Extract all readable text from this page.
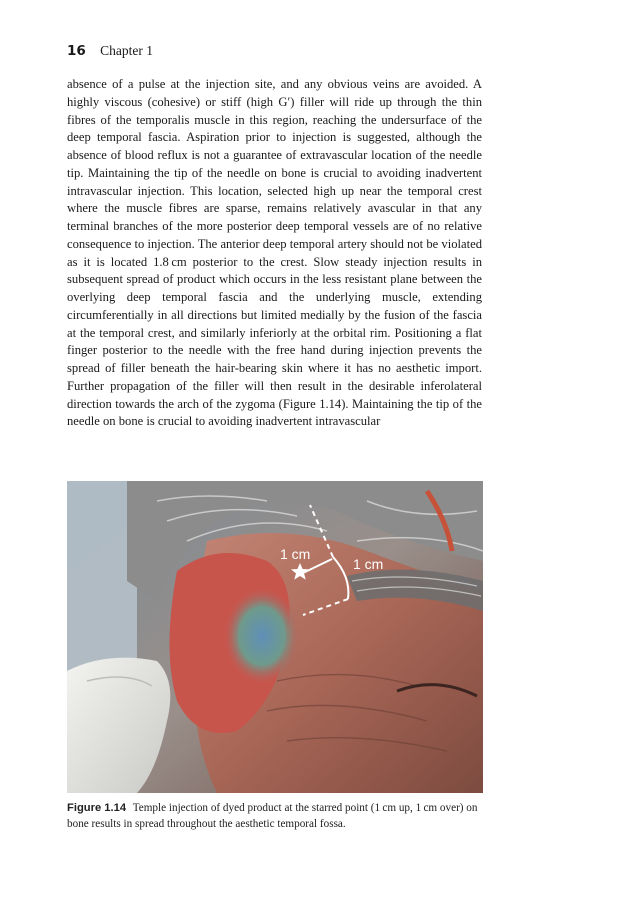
16 Chapter 1

absence of a pulse at the injection site, and any obvious veins are avoided. A highly viscous (cohesive) or stiff (high G′) filler will ride up through the thin fibres of the temporalis muscle in this region, reaching the undersurface of the deep temporal fascia. Aspiration prior to injection is suggested, although the absence of blood reflux is not a guarantee of extravascular location of the needle tip. Maintaining the tip of the needle on bone is crucial to avoiding inadvertent intravascular injection. This location, selected high up near the temporal crest where the muscle fibres are sparse, remains relatively avascular in that any terminal branches of the more posterior deep temporal vessels are of no relative consequence to injection. The anterior deep temporal artery should not be violated as it is located 1.8 cm posterior to the crest. Slow steady injection results in subsequent spread of product which occurs in the less resistant plane between the overlying deep temporal fascia and the underlying muscle, extending circumferentially in all directions but limited medially by the fusion of the fascia at the temporal crest, and similarly inferiorly at the orbital rim. Positioning a flat finger posterior to the needle with the free hand during injection prevents the spread of filler beneath the hair-bearing skin where it has no aesthetic import. Further propagation of the filler will then result in the desirable inferolateral direction towards the arch of the zygoma (Figure 1.14). Maintaining the tip of the needle on bone is crucial to avoiding inadvertent intravascular

1 cm
1 cm
Figure 1.14 Temple injection of dyed product at the starred point (1 cm up, 1 cm over) on bone results in spread throughout the aesthetic temporal fossa.
